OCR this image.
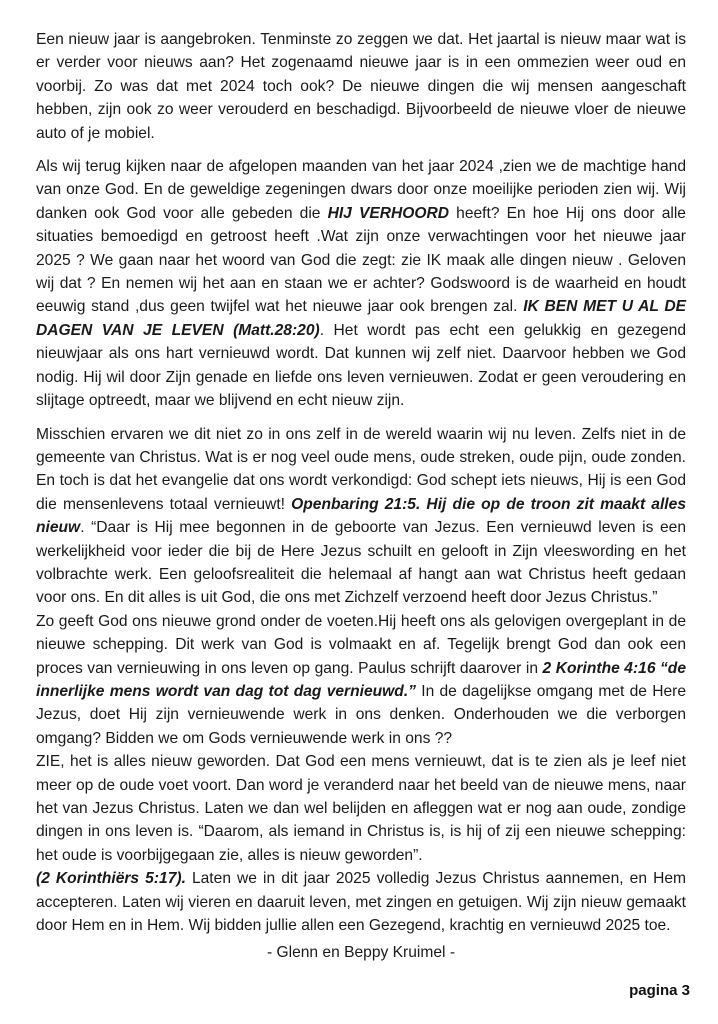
Een nieuw jaar is aangebroken. Tenminste zo zeggen we dat. Het jaartal is nieuw maar wat is er verder voor nieuws aan? Het zogenaamd nieuwe jaar is in een ommezien weer oud en voorbij. Zo was dat met 2024 toch ook? De nieuwe dingen die wij mensen aangeschaft hebben, zijn ook zo weer verouderd en beschadigd. Bijvoorbeeld de nieuwe vloer de nieuwe auto of je mobiel.

Als wij terug kijken naar de afgelopen maanden van het jaar 2024 ,zien we de machtige hand van onze God. En de geweldige zegeningen dwars door onze moeilijke perioden zien wij. Wij danken ook God voor alle gebeden die HIJ VERHOORD heeft? En hoe Hij ons door alle situaties bemoedigd en getroost heeft .Wat zijn onze verwachtingen voor het nieuwe jaar 2025 ? We gaan naar het woord van God die zegt: zie IK maak alle dingen nieuw . Geloven wij dat ? En nemen wij het aan en staan we er achter? Godswoord is de waarheid en houdt eeuwig stand ,dus geen twijfel wat het nieuwe jaar ook brengen zal. IK BEN MET U AL DE DAGEN VAN JE LEVEN (Matt.28:20). Het wordt pas echt een gelukkig en gezegend nieuwjaar als ons hart vernieuwd wordt. Dat kunnen wij zelf niet. Daarvoor hebben we God nodig. Hij wil door Zijn genade en liefde ons leven vernieuwen. Zodat er geen veroudering en slijtage optreedt, maar we blijvend en echt nieuw zijn.

Misschien ervaren we dit niet zo in ons zelf in de wereld waarin wij nu leven. Zelfs niet in de gemeente van Christus. Wat is er nog veel oude mens, oude streken, oude pijn, oude zonden. En toch is dat het evangelie dat ons wordt verkondigd: God schept iets nieuws, Hij is een God die mensenlevens totaal vernieuwt! Openbaring 21:5. Hij die op de troon zit maakt alles nieuw. “Daar is Hij mee begonnen in de geboorte van Jezus. Een vernieuwd leven is een werkelijkheid voor ieder die bij de Here Jezus schuilt en gelooft in Zijn vleeswording en het volbrachte werk. Een geloofsrealiteit die helemaal af hangt aan wat Christus heeft gedaan voor ons. En dit alles is uit God, die ons met Zichzelf verzoend heeft door Jezus Christus.”

Zo geeft God ons nieuwe grond onder de voeten.Hij heeft ons als gelovigen overgeplant in de nieuwe schepping. Dit werk van God is volmaakt en af. Tegelijk brengt God dan ook een proces van vernieuwing in ons leven op gang. Paulus schrijft daarover in 2 Korinthe 4:16 “de innerlijke mens wordt van dag tot dag vernieuwd.” In de dagelijkse omgang met de Here Jezus, doet Hij zijn vernieuwende werk in ons denken. Onderhouden we die verborgen omgang? Bidden we om Gods vernieuwende werk in ons ??

ZIE, het is alles nieuw geworden. Dat God een mens vernieuwt, dat is te zien als je leef niet meer op de oude voet voort. Dan word je veranderd naar het beeld van de nieuwe mens, naar het van Jezus Christus. Laten we dan wel belijden en afleggen wat er nog aan oude, zondige dingen in ons leven is. “Daarom, als iemand in Christus is, is hij of zij een nieuwe schepping: het oude is voorbijgegaan zie, alles is nieuw geworden”.

(2 Korinthiërs 5:17). Laten we in dit jaar 2025 volledig Jezus Christus aannemen, en Hem accepteren. Laten wij vieren en daaruit leven, met zingen en getuigen. Wij zijn nieuw gemaakt door Hem en in Hem. Wij bidden jullie allen een Gezegend, krachtig en vernieuwd 2025 toe.

- Glenn en Beppy Kruimel -
pagina 3
